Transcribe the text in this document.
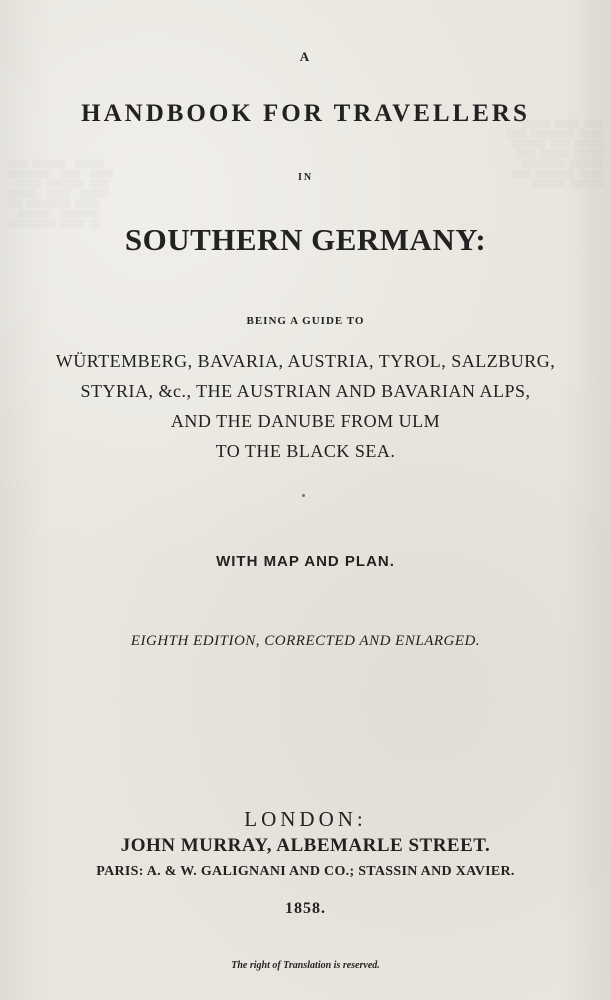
▒▒▒▒ ▒▒▒▒▒▒▒  ▒▒▒▒▒▒
▒▒▒▒▒▒▒▒▒  ▒▒▒▒  ▒▒▒▒▒
▒▒▒▒▒ ▒▒▒▒▒▒▒▒ ▒▒▒▒
▒▒▒▒▒▒  ▒▒▒▒▒  ▒▒▒▒▒▒
▒▒▒ ▒▒▒▒▒▒▒▒▒ ▒▒▒▒▒
▒▒▒▒▒▒▒  ▒▒▒▒▒▒▒▒
▒▒▒▒▒▒▒▒▒▒ ▒▒▒▒▒ ▒▒
▒▒▒▒▒▒ ▒▒▒▒▒ ▒▒▒▒
▒▒▒▒ ▒▒▒▒▒▒▒▒▒ ▒▒▒▒▒
▒▒▒▒▒▒▒ ▒▒▒▒ ▒▒▒▒▒▒
▒▒▒▒ ▒▒▒▒▒▒ ▒▒▒▒▒▒
▒▒▒▒▒▒▒▒▒ ▒▒▒▒▒▒▒
▒▒▒▒ ▒▒▒▒▒▒▒▒ ▒▒▒▒▒
▒▒▒▒▒▒▒ ▒▒▒▒▒▒▒
A
HANDBOOK FOR TRAVELLERS
IN
SOUTHERN GERMANY:
BEING A GUIDE TO
WÜRTEMBERG, BAVARIA, AUSTRIA, TYROL, SALZBURG,
STYRIA, &c., THE AUSTRIAN AND BAVARIAN ALPS,
AND THE DANUBE FROM ULM
TO THE BLACK SEA.
WITH MAP AND PLAN.
EIGHTH EDITION, CORRECTED AND ENLARGED.
LONDON:
JOHN MURRAY, ALBEMARLE STREET.
PARIS: A. & W. GALIGNANI AND CO.; STASSIN AND XAVIER.
1858.
The right of Translation is reserved.
